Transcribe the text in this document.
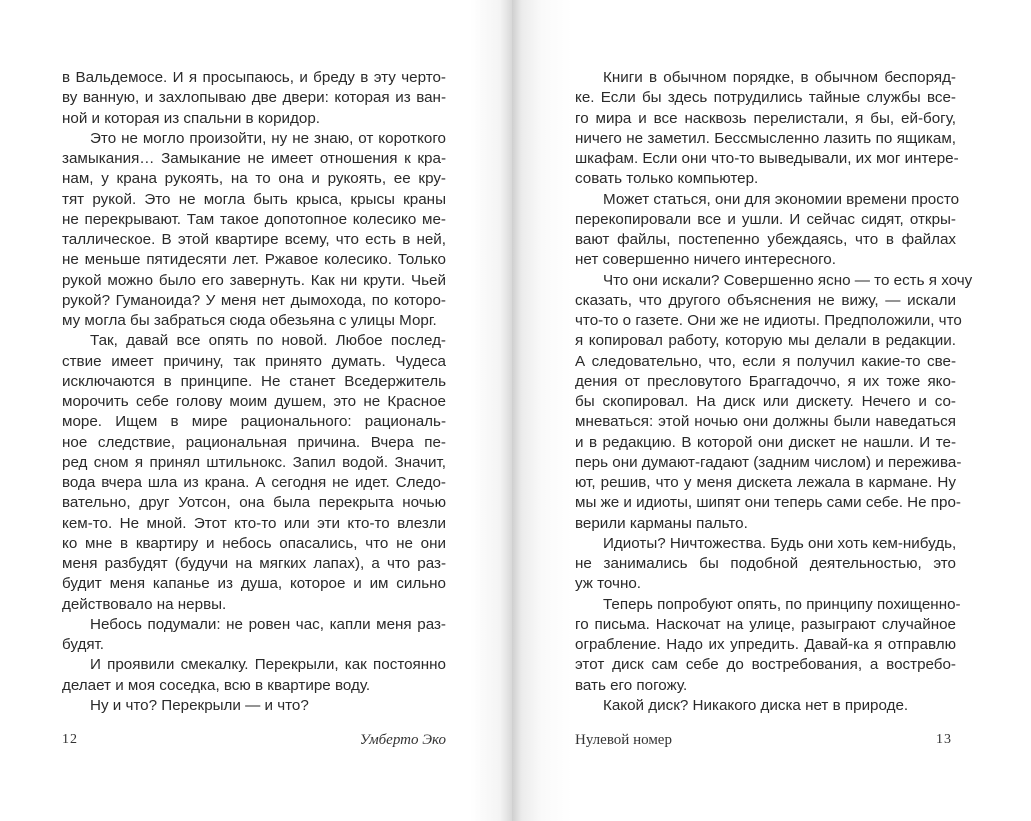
в Вальдемосе. И я просыпаюсь, и бреду в эту черто-
ву ванную, и захлопываю две двери: которая из ван-
ной и которая из спальни в коридор.
Это не могло произойти, ну не знаю, от короткого
замыкания… Замыкание не имеет отношения к кра-
нам, у крана рукоять, на то она и рукоять, ее кру-
тят рукой. Это не могла быть крыса, крысы краны
не перекрывают. Там такое допотопное колесико ме-
таллическое. В этой квартире всему, что есть в ней,
не меньше пятидесяти лет. Ржавое колесико. Только
рукой можно было его завернуть. Как ни крути. Чьей
рукой? Гуманоида? У меня нет дымохода, по которо-
му могла бы забраться сюда обезьяна с улицы Морг.
Так, давай все опять по новой. Любое послед-
ствие имеет причину, так принято думать. Чудеса
исключаются в принципе. Не станет Вседержитель
морочить себе голову моим душем, это не Красное
море. Ищем в мире рационального: рациональ-
ное следствие, рациональная причина. Вчера пе-
ред сном я принял штильнокс. Запил водой. Значит,
вода вчера шла из крана. А сегодня не идет. Следо-
вательно, друг Уотсон, она была перекрыта ночью
кем-то. Не мной. Этот кто-то или эти кто-то влезли
ко мне в квартиру и небось опасались, что не они
меня разбудят (будучи на мягких лапах), а что раз-
будит меня капанье из душа, которое и им сильно
действовало на нервы.
Небось подумали: не ровен час, капли меня раз-
будят.
И проявили смекалку. Перекрыли, как постоянно
делает и моя соседка, всю в квартире воду.
Ну и что? Перекрыли — и что?
12	Умберто Эко
Книги в обычном порядке, в обычном беспоряд-
ке. Если бы здесь потрудились тайные службы все-
го мира и все насквозь перелистали, я бы, ей-богу,
ничего не заметил. Бессмысленно лазить по ящикам,
шкафам. Если они что-то выведывали, их мог интере-
совать только компьютер.
Может статься, они для экономии времени просто
перекопировали все и ушли. И сейчас сидят, откры-
вают файлы, постепенно убеждаясь, что в файлах
нет совершенно ничего интересного.
Что они искали? Совершенно ясно — то есть я хочу
сказать, что другого объяснения не вижу, — искали
что-то о газете. Они же не идиоты. Предположили, что
я копировал работу, которую мы делали в редакции.
А следовательно, что, если я получил какие-то све-
дения от пресловутого Браггадоччо, я их тоже яко-
бы скопировал. На диск или дискету. Нечего и со-
мневаться: этой ночью они должны были наведаться
и в редакцию. В которой они дискет не нашли. И те-
перь они думают-гадают (задним числом) и пережива-
ют, решив, что у меня дискета лежала в кармане. Ну
мы же и идиоты, шипят они теперь сами себе. Не про-
верили карманы пальто.
Идиоты? Ничтожества. Будь они хоть кем-нибудь,
не занимались бы подобной деятельностью, это
уж точно.
Теперь попробуют опять, по принципу похищенно-
го письма. Наскочат на улице, разыграют случайное
ограбление. Надо их упредить. Давай-ка я отправлю
этот диск сам себе до востребования, а востребо-
вать его погожу.
Какой диск? Никакого диска нет в природе.
Нулевой номер	13
